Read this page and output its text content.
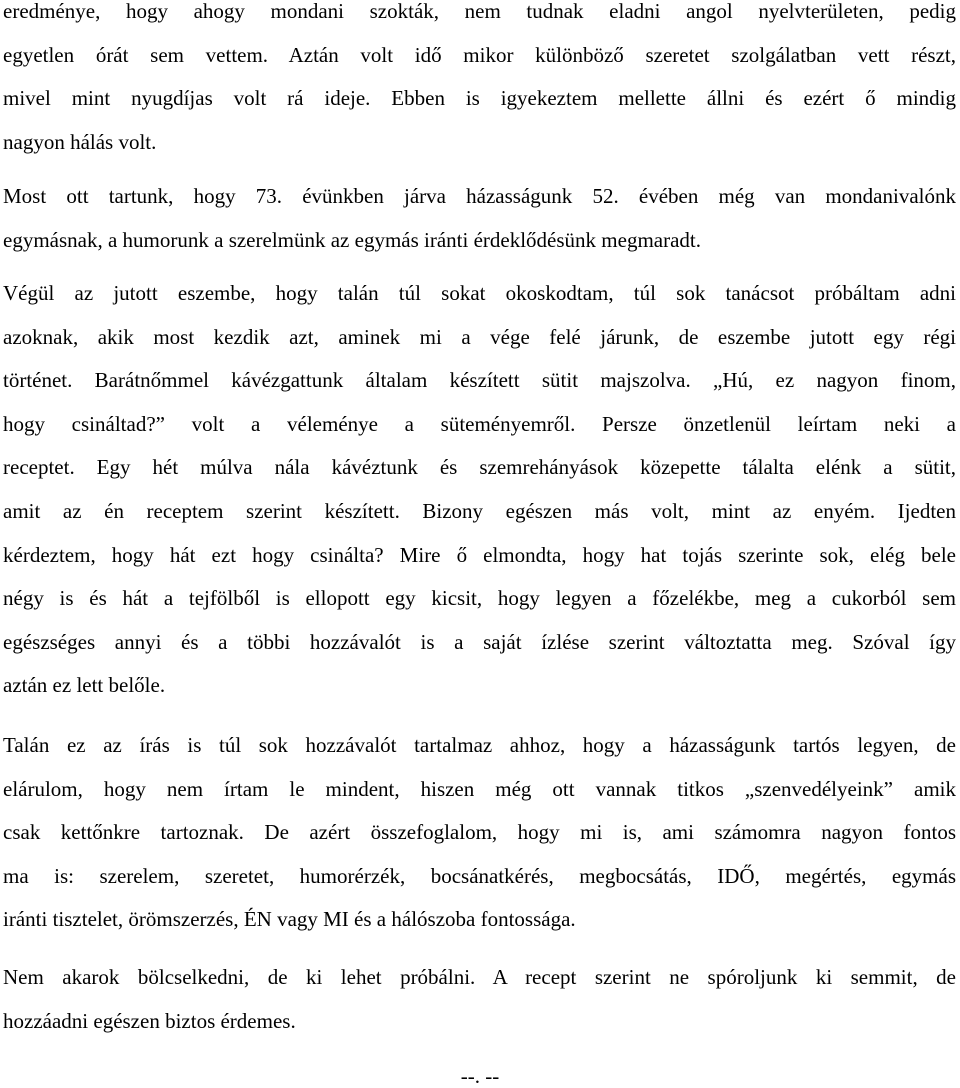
eredménye, hogy ahogy mondani szokták, nem tudnak eladni angol nyelvterületen, pedig
egyetlen órát sem vettem. Aztán volt idő mikor különböző szeretet szolgálatban vett részt,
mivel mint nyugdíjas volt rá ideje. Ebben is igyekeztem mellette állni és ezért ő mindig
nagyon hálás volt.
Most ott tartunk, hogy 73. évünkben járva házasságunk 52. évében még van mondanivalónk
egymásnak, a humorunk a szerelmünk az egymás iránti érdeklődésünk megmaradt.
Végül az jutott eszembe, hogy talán túl sokat okoskodtam, túl sok tanácsot próbáltam adni
azoknak, akik most kezdik azt, aminek mi a vége felé járunk, de eszembe jutott egy régi
történet. Barátnőmmel kávézgattunk általam készített sütit majszolva. „Hú, ez nagyon finom,
hogy csináltad?” volt a véleménye a süteményemről. Persze önzetlenül leírtam neki a
receptet. Egy hét múlva nála kávéztunk és szemrehányások közepette tálalta elénk a sütit,
amit az én receptem szerint készített. Bizony egészen más volt, mint az enyém. Ijedten
kérdeztem, hogy hát ezt hogy csinálta? Mire ő elmondta, hogy hat tojás szerinte sok, elég bele
négy is és hát a tejfölből is ellopott egy kicsit, hogy legyen a főzelékbe, meg a cukorból sem
egészséges annyi és a többi hozzávalót is a saját ízlése szerint változtatta meg. Szóval így
aztán ez lett belőle.
Talán ez az írás is túl sok hozzávalót tartalmaz ahhoz, hogy a házasságunk tartós legyen, de
elárulom, hogy nem írtam le mindent, hiszen még ott vannak titkos „szenvedélyeink” amik
csak kettőnkre tartoznak. De azért összefoglalom, hogy mi is, ami számomra nagyon fontos
ma is: szerelem, szeretet, humorérzék, bocsánatkérés, megbocsátás, IDŐ, megértés, egymás
iránti tisztelet, örömszerzés, ÉN vagy MI és a hálószoba fontossága.
Nem akarok bölcselkedni, de ki lehet próbálni. A recept szerint ne spóroljunk ki semmit, de
hozzáadni egészen biztos érdemes.
--. --
